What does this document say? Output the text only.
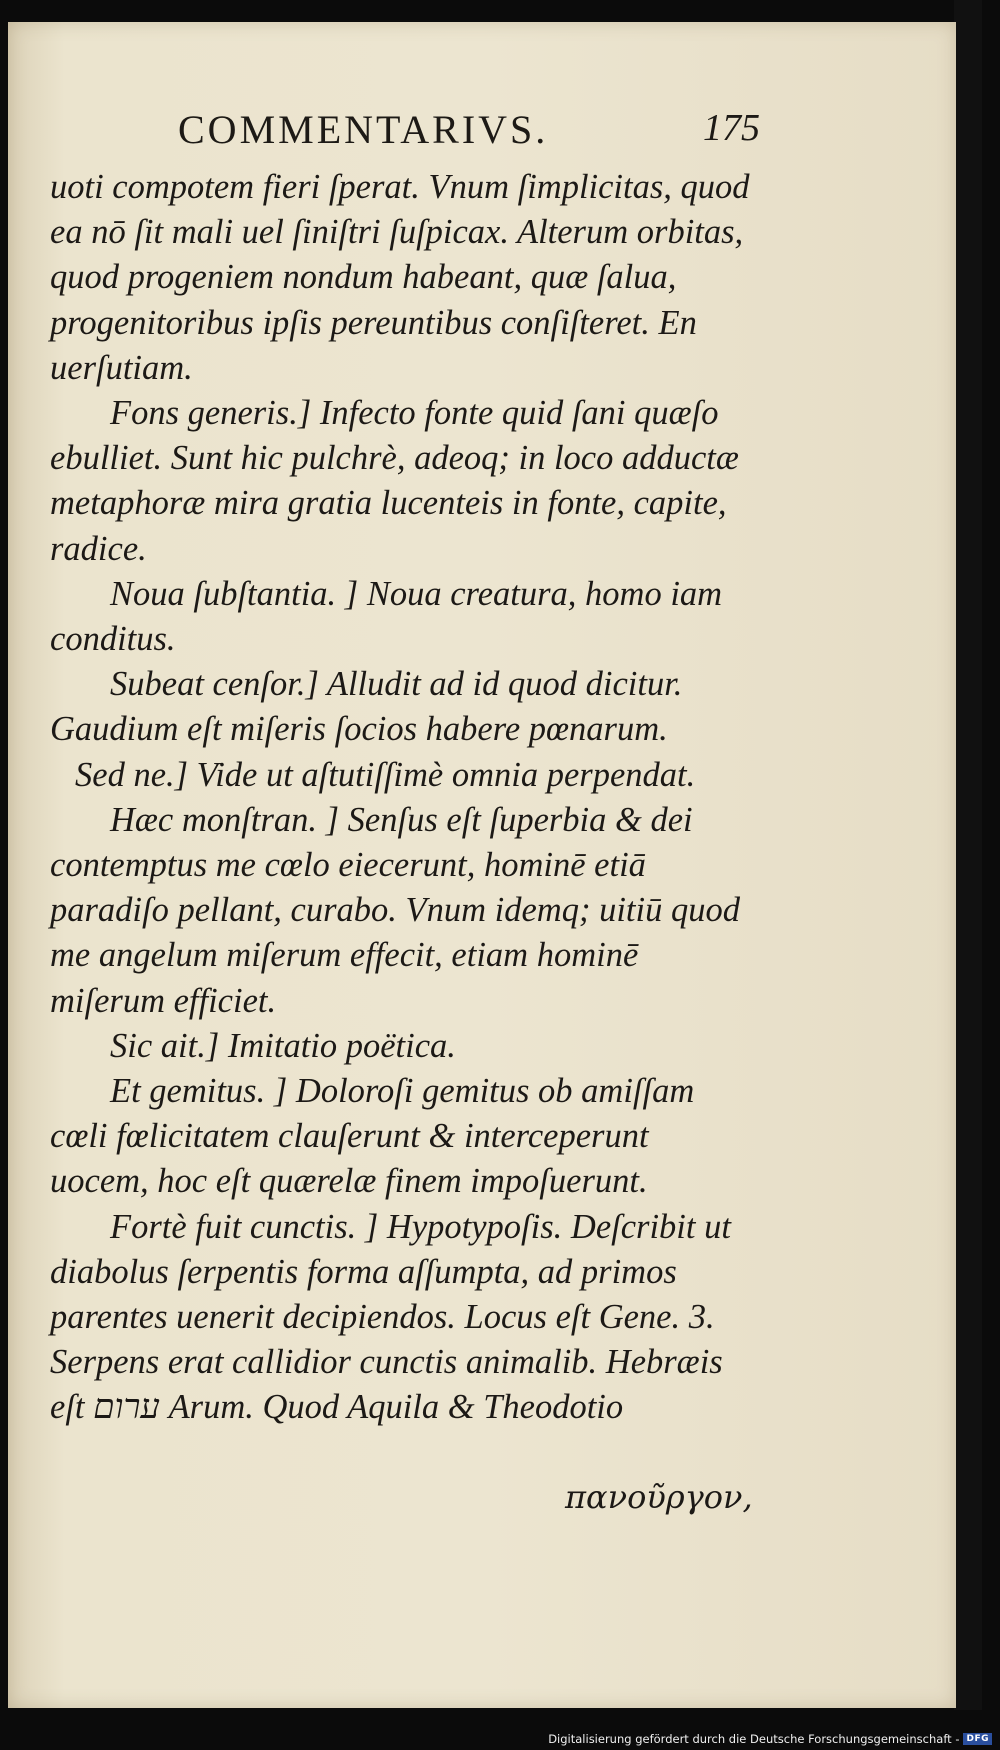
COMMENTARIVS.	175

uoti compotem fieri ſperat. Vnum ſimplicitas, quod ea nō ſit mali uel ſiniſtri ſuſpicax. Alterum orbitas, quod progeniem nondum habeant, quæ ſalua, progenitoribus ipſis pereuntibus conſiſteret. En uerſutiam.

Fons generis.] Infecto fonte quid ſani quæſo ebulliet. Sunt hic pulchrè, adeoq; in loco adductæ metaphoræ mira gratia lucenteis in fonte, capite, radice.

Noua ſubſtantia. ] Noua creatura, homo iam conditus.

Subeat cenſor.] Alludit ad id quod dicitur. Gaudium eſt miſeris ſocios habere pœnarum.

Sed ne.] Vide ut aſtutiſſimè omnia perpendat.

Hæc monſtran. ] Senſus eſt ſuperbia & dei contemptus me cœlo eiecerunt, hominē etiā paradiſo pellant, curabo. Vnum idemq; uitiū quod me angelum miſerum effecit, etiam hominē miſerum efficiet.

Sic ait.] Imitatio poëtica.

Et gemitus. ] Doloroſi gemitus ob amiſſam cœli fœlicitatem clauſerunt & interceperunt uocem, hoc eſt quærelæ finem impoſuerunt.

Fortè fuit cunctis. ] Hypotypoſis. Deſcribit ut diabolus ſerpentis forma aſſumpta, ad primos parentes uenerit decipiendos. Locus eſt Gene. 3. Serpens erat callidior cunctis animalib. Hebræis eſt ערום Arum. Quod Aquila & Theodotio

πανοῦργον,
Digitalisierung gefördert durch die Deutsche Forschungsgemeinschaft - DFG
